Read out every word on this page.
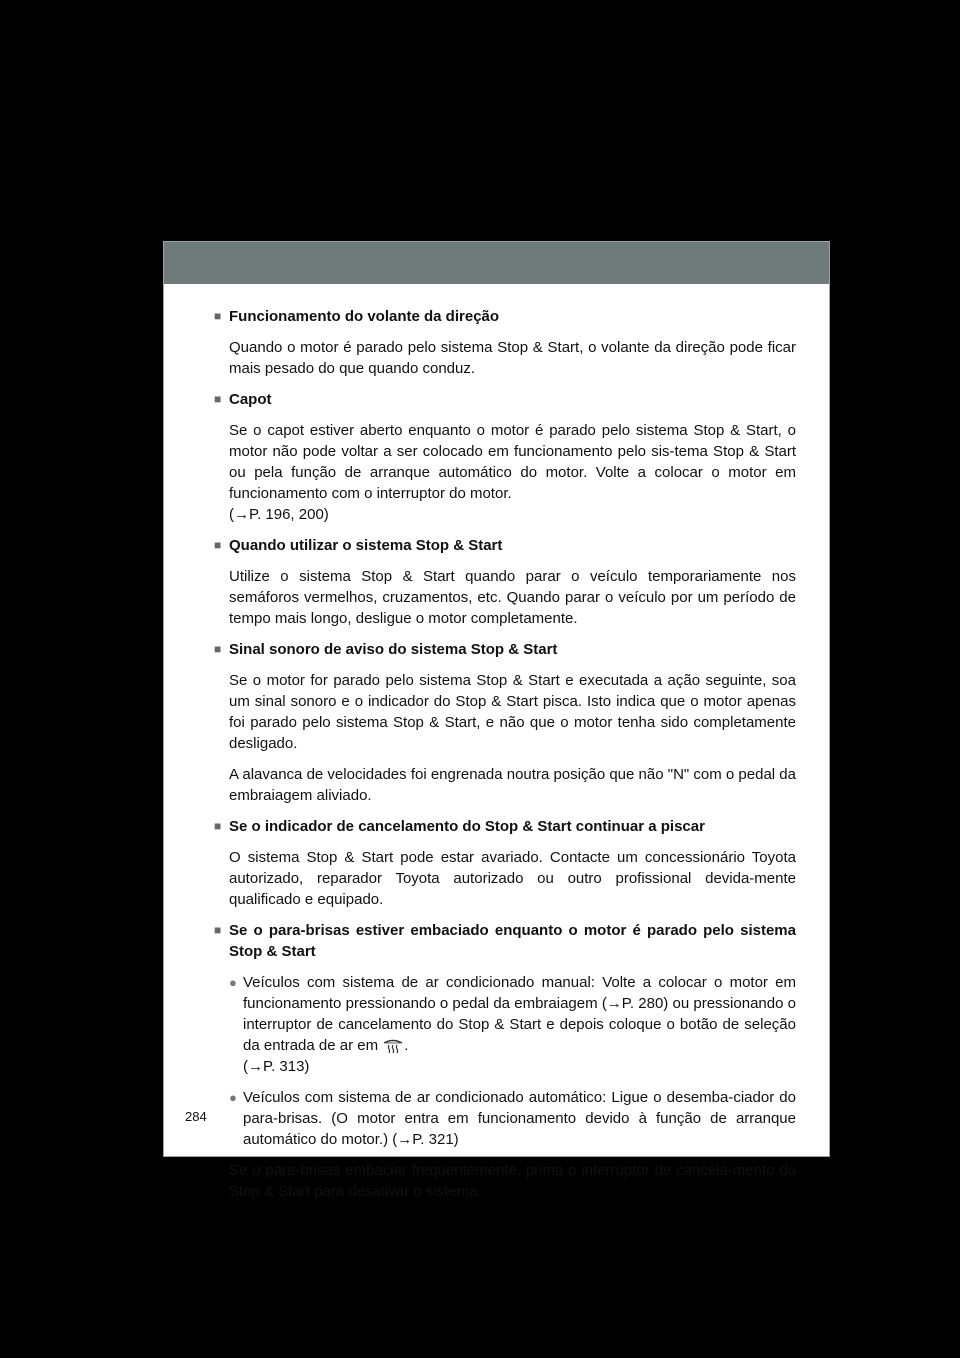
■ Funcionamento do volante da direção

Quando o motor é parado pelo sistema Stop & Start, o volante da direção pode ficar mais pesado do que quando conduz.

■ Capot

Se o capot estiver aberto enquanto o motor é parado pelo sistema Stop & Start, o motor não pode voltar a ser colocado em funcionamento pelo sis-tema Stop & Start ou pela função de arranque automático do motor. Volte a colocar o motor em funcionamento com o interruptor do motor.

(→P. 196, 200)

■ Quando utilizar o sistema Stop & Start

Utilize o sistema Stop & Start quando parar o veículo temporariamente nos semáforos vermelhos, cruzamentos, etc. Quando parar o veículo por um período de tempo mais longo, desligue o motor completamente.

■ Sinal sonoro de aviso do sistema Stop & Start

Se o motor for parado pelo sistema Stop & Start e executada a ação seguinte, soa um sinal sonoro e o indicador do Stop & Start pisca. Isto indica que o motor apenas foi parado pelo sistema Stop & Start, e não que o motor tenha sido completamente desligado.

A alavanca de velocidades foi engrenada noutra posição que não "N" com o pedal da embraiagem aliviado.

■ Se o indicador de cancelamento do Stop & Start continuar a piscar

O sistema Stop & Start pode estar avariado. Contacte um concessionário Toyota autorizado, reparador Toyota autorizado ou outro profissional devida-mente qualificado e equipado.

■ Se o para-brisas estiver embaciado enquanto o motor é parado pelo sistema Stop & Start
● Veículos com sistema de ar condicionado manual: Volte a colocar o motor em funcionamento pressionando o pedal da embraiagem (→P. 280) ou pressionando o interruptor de cancelamento do Stop & Start e depois coloque o botão de seleção da entrada de ar em .
(→P. 313)
● Veículos com sistema de ar condicionado automático: Ligue o desemba-ciador do para-brisas. (O motor entra em funcionamento devido à função de arranque automático do motor.) (→P. 321)

Se o para-brisas embaciar frequentemente, prima o interruptor de cancela-mento do Stop & Start para desativar o sistema.

284
